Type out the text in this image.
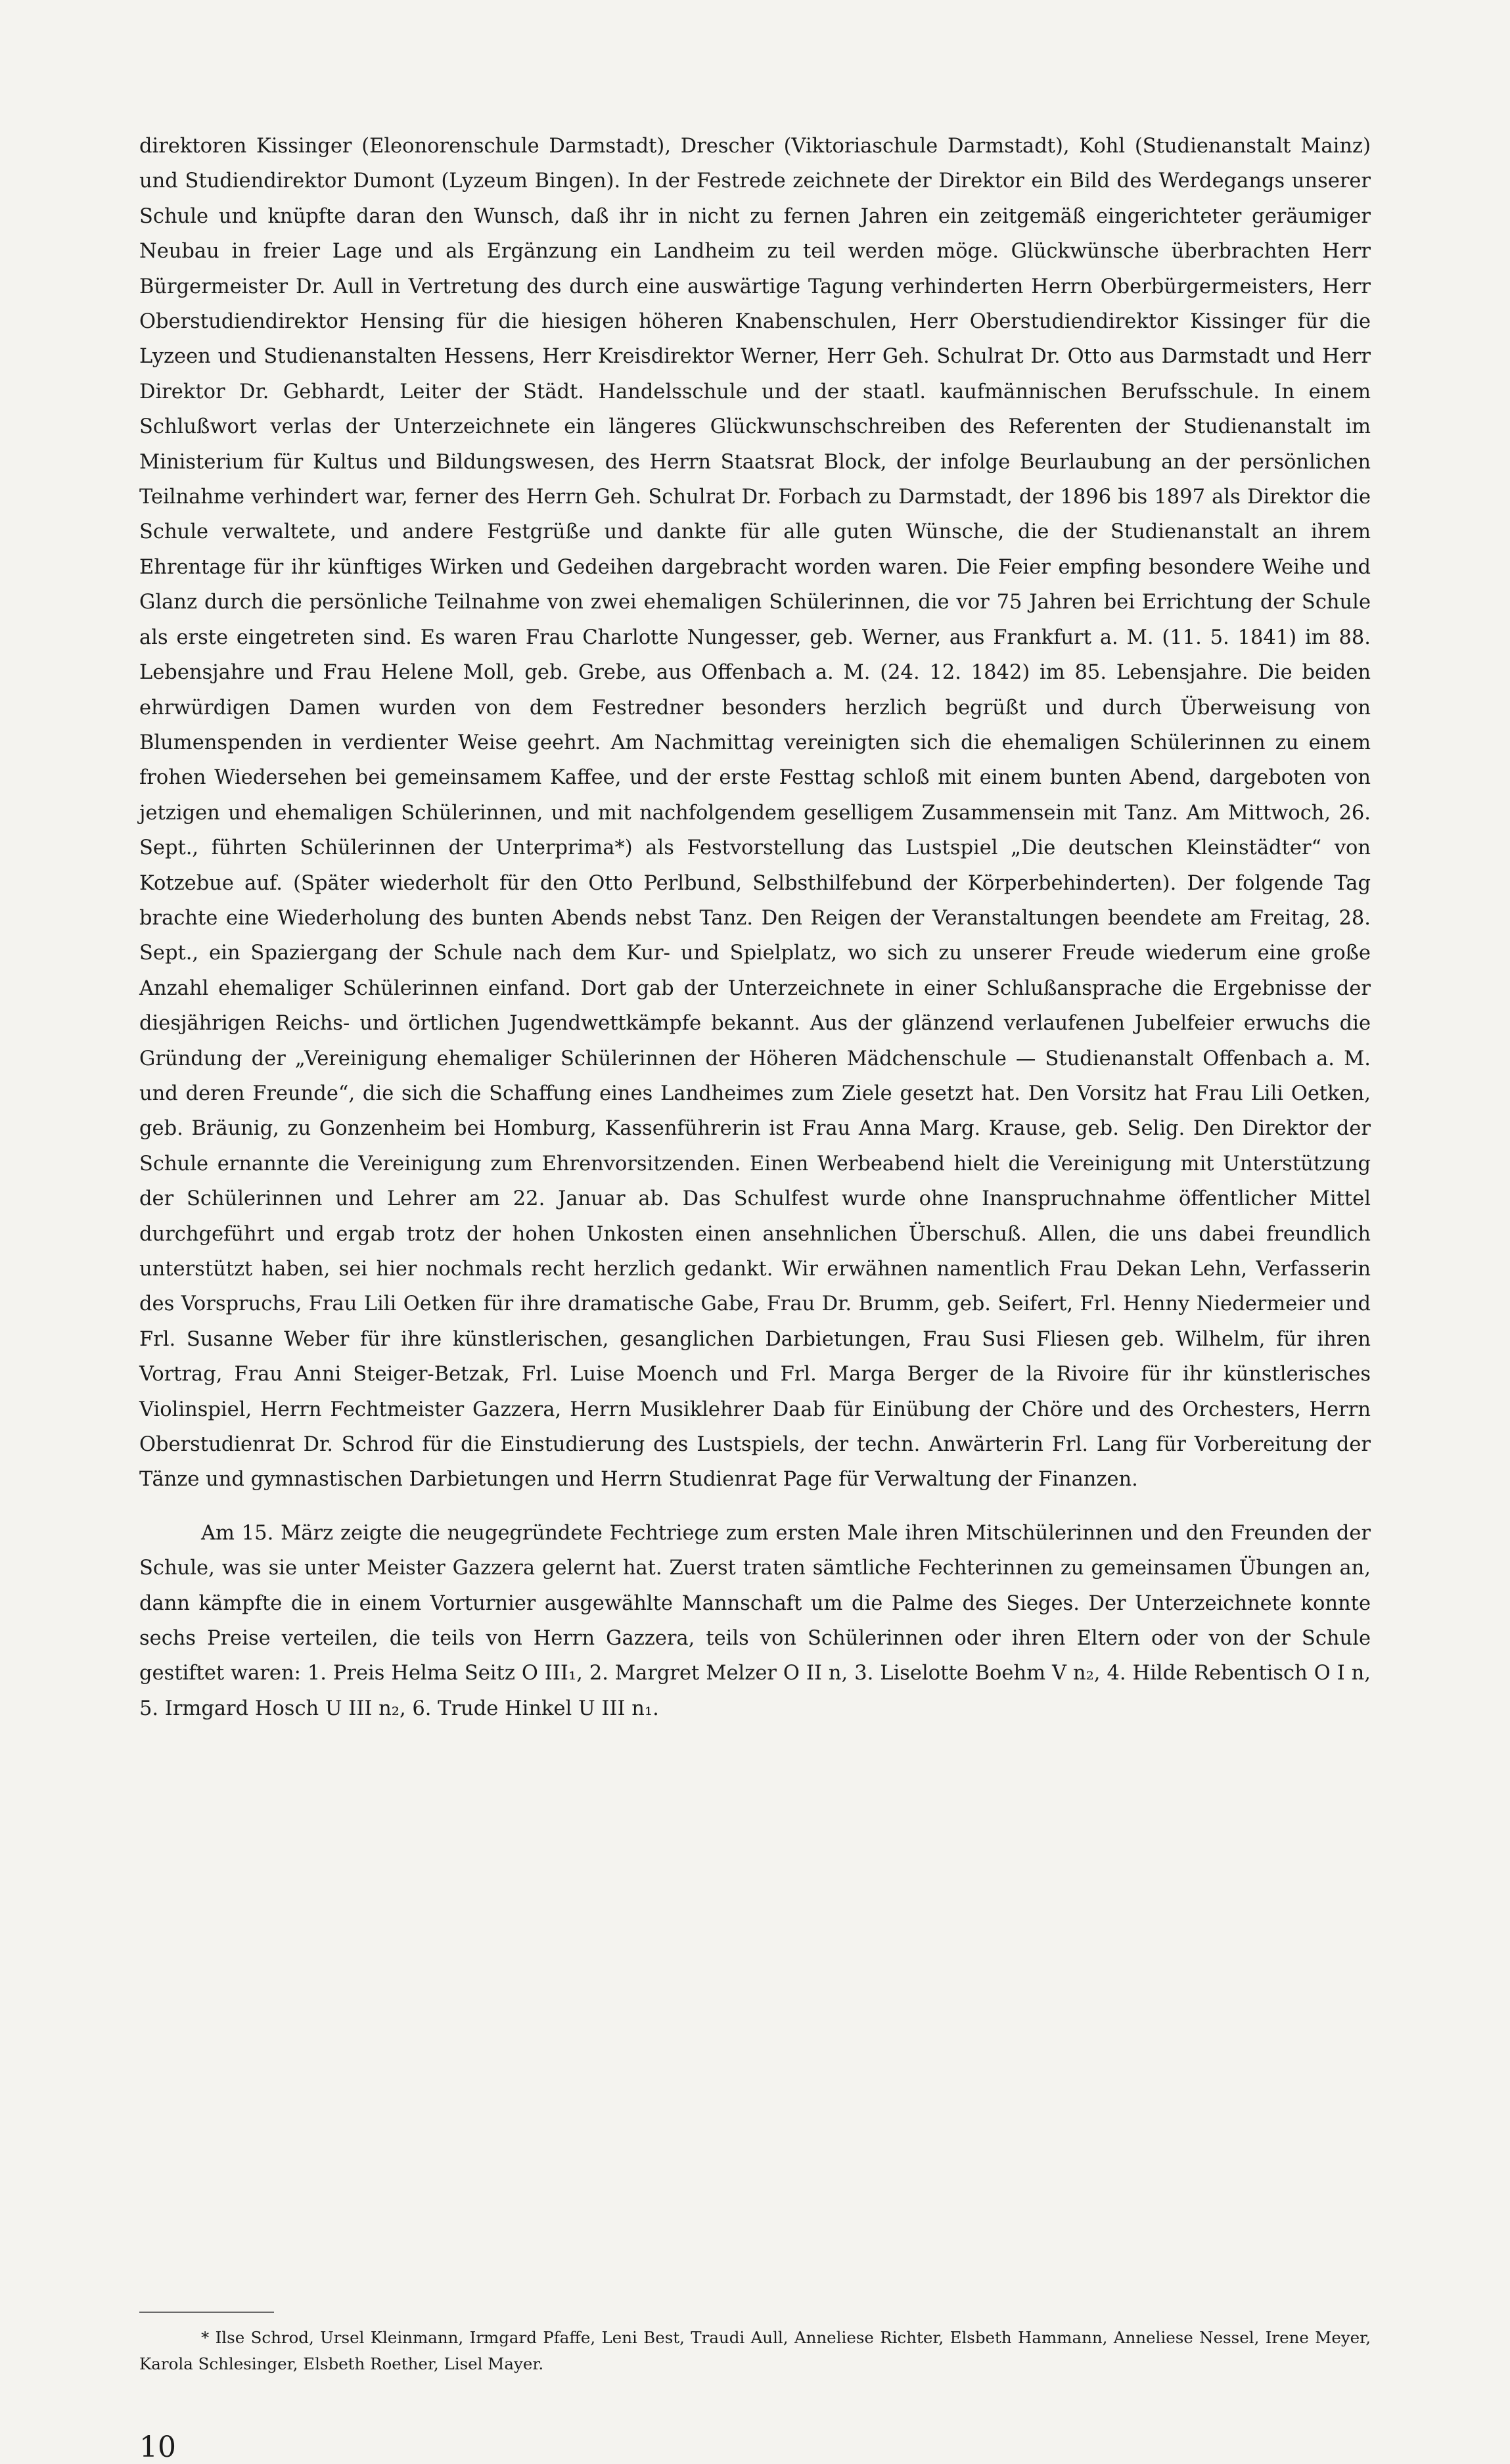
direktoren Kissinger (Eleonorenschule Darmstadt), Drescher (Viktoriaschule Darmstadt), Kohl (Studienanstalt Mainz) und Studiendirektor Dumont (Lyzeum Bingen). In der Festrede zeichnete der Direktor ein Bild des Werdegangs unserer Schule und knüpfte daran den Wunsch, daß ihr in nicht zu fernen Jahren ein zeitgemäß eingerichteter geräumiger Neubau in freier Lage und als Ergänzung ein Landheim zu teil werden möge. Glückwünsche überbrachten Herr Bürgermeister Dr. Aull in Vertretung des durch eine auswärtige Tagung verhinderten Herrn Oberbürgermeisters, Herr Oberstudiendirektor Hensing für die hiesigen höheren Knabenschulen, Herr Oberstudiendirektor Kissinger für die Lyzeen und Studienanstalten Hessens, Herr Kreisdirektor Werner, Herr Geh. Schulrat Dr. Otto aus Darmstadt und Herr Direktor Dr. Gebhardt, Leiter der Städt. Handelsschule und der staatl. kaufmännischen Berufsschule. In einem Schlußwort verlas der Unterzeichnete ein längeres Glückwunschschreiben des Referenten der Studienanstalt im Ministerium für Kultus und Bildungswesen, des Herrn Staatsrat Block, der infolge Beurlaubung an der persönlichen Teilnahme verhindert war, ferner des Herrn Geh. Schulrat Dr. Forbach zu Darmstadt, der 1896 bis 1897 als Direktor die Schule verwaltete, und andere Festgrüße und dankte für alle guten Wünsche, die der Studienanstalt an ihrem Ehrentage für ihr künftiges Wirken und Gedeihen dargebracht worden waren. Die Feier empfing besondere Weihe und Glanz durch die persönliche Teilnahme von zwei ehemaligen Schülerinnen, die vor 75 Jahren bei Errichtung der Schule als erste eingetreten sind. Es waren Frau Charlotte Nungesser, geb. Werner, aus Frankfurt a. M. (11. 5. 1841) im 88. Lebensjahre und Frau Helene Moll, geb. Grebe, aus Offenbach a. M. (24. 12. 1842) im 85. Lebensjahre. Die beiden ehrwürdigen Damen wurden von dem Festredner besonders herzlich begrüßt und durch Überweisung von Blumenspenden in verdienter Weise geehrt. Am Nachmittag vereinigten sich die ehemaligen Schülerinnen zu einem frohen Wiedersehen bei gemeinsamem Kaffee, und der erste Festtag schloß mit einem bunten Abend, dargeboten von jetzigen und ehemaligen Schülerinnen, und mit nachfolgendem geselligem Zusammensein mit Tanz. Am Mittwoch, 26. Sept., führten Schülerinnen der Unterprima*) als Festvorstellung das Lustspiel „Die deutschen Kleinstädter“ von Kotzebue auf. (Später wiederholt für den Otto Perlbund, Selbsthilfebund der Körperbehinderten). Der folgende Tag brachte eine Wiederholung des bunten Abends nebst Tanz. Den Reigen der Veranstaltungen beendete am Freitag, 28. Sept., ein Spaziergang der Schule nach dem Kur- und Spielplatz, wo sich zu unserer Freude wiederum eine große Anzahl ehemaliger Schülerinnen einfand. Dort gab der Unterzeichnete in einer Schlußansprache die Ergebnisse der diesjährigen Reichs- und örtlichen Jugendwettkämpfe bekannt. Aus der glänzend verlaufenen Jubelfeier erwuchs die Gründung der „Vereinigung ehemaliger Schülerinnen der Höheren Mädchenschule — Studienanstalt Offenbach a. M. und deren Freunde“, die sich die Schaffung eines Landheimes zum Ziele gesetzt hat. Den Vorsitz hat Frau Lili Oetken, geb. Bräunig, zu Gonzenheim bei Homburg, Kassenführerin ist Frau Anna Marg. Krause, geb. Selig. Den Direktor der Schule ernannte die Vereinigung zum Ehrenvorsitzenden. Einen Werbeabend hielt die Vereinigung mit Unterstützung der Schülerinnen und Lehrer am 22. Januar ab. Das Schulfest wurde ohne Inanspruchnahme öffentlicher Mittel durchgeführt und ergab trotz der hohen Unkosten einen ansehnlichen Überschuß. Allen, die uns dabei freundlich unterstützt haben, sei hier nochmals recht herzlich gedankt. Wir erwähnen namentlich Frau Dekan Lehn, Verfasserin des Vorspruchs, Frau Lili Oetken für ihre dramatische Gabe, Frau Dr. Brumm, geb. Seifert, Frl. Henny Niedermeier und Frl. Susanne Weber für ihre künstlerischen, gesanglichen Darbietungen, Frau Susi Fliesen geb. Wilhelm, für ihren Vortrag, Frau Anni Steiger-Betzak, Frl. Luise Moench und Frl. Marga Berger de la Rivoire für ihr künstlerisches Violinspiel, Herrn Fechtmeister Gazzera, Herrn Musiklehrer Daab für Einübung der Chöre und des Orchesters, Herrn Oberstudienrat Dr. Schrod für die Einstudierung des Lustspiels, der techn. Anwärterin Frl. Lang für Vorbereitung der Tänze und gymnastischen Darbietungen und Herrn Studienrat Page für Verwaltung der Finanzen.

Am 15. März zeigte die neugegründete Fechtriege zum ersten Male ihren Mitschülerinnen und den Freunden der Schule, was sie unter Meister Gazzera gelernt hat. Zuerst traten sämtliche Fechterinnen zu gemeinsamen Übungen an, dann kämpfte die in einem Vorturnier ausgewählte Mannschaft um die Palme des Sieges. Der Unterzeichnete konnte sechs Preise verteilen, die teils von Herrn Gazzera, teils von Schülerinnen oder ihren Eltern oder von der Schule gestiftet waren: 1. Preis Helma Seitz O III₁, 2. Margret Melzer O II n, 3. Liselotte Boehm V n₂, 4. Hilde Rebentisch O I n, 5. Irmgard Hosch U III n₂, 6. Trude Hinkel U III n₁.

* Ilse Schrod, Ursel Kleinmann, Irmgard Pfaffe, Leni Best, Traudi Aull, Anneliese Richter, Elsbeth Hammann, Anneliese Nessel, Irene Meyer, Karola Schlesinger, Elsbeth Roether, Lisel Mayer.
10
